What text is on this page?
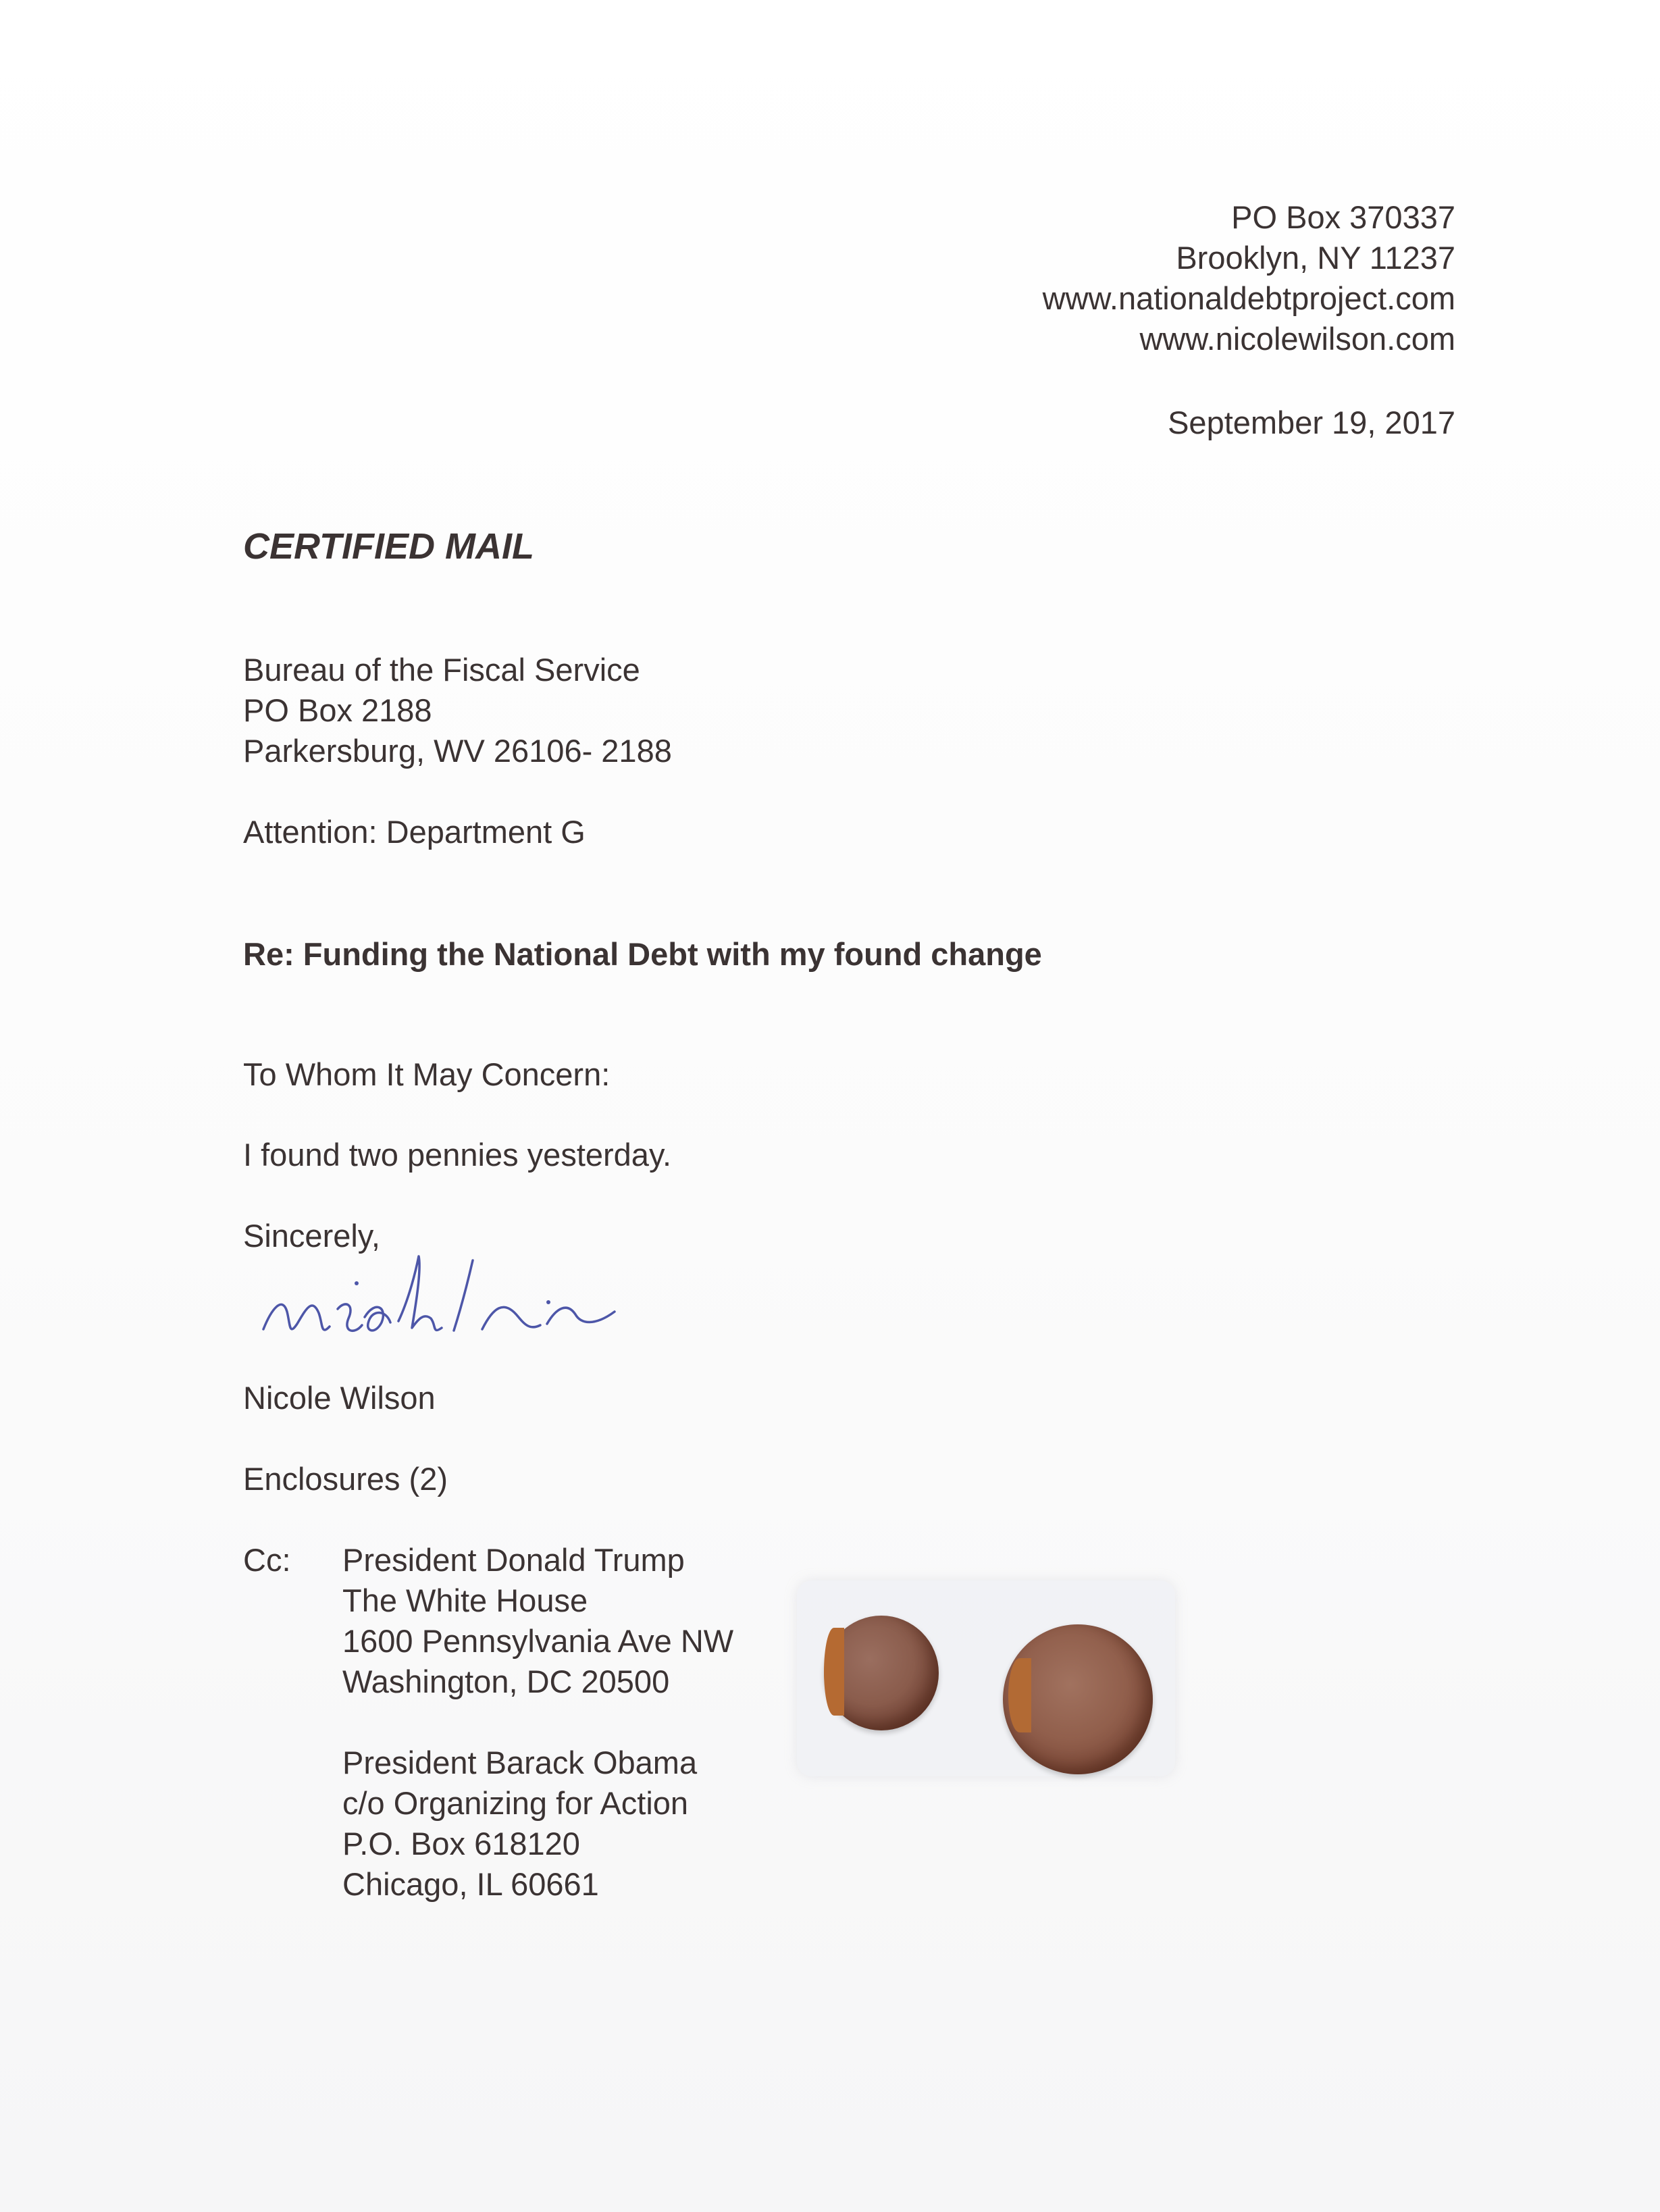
PO Box 370337
Brooklyn, NY 11237
www.nationaldebtproject.com
www.nicolewilson.com
September 19, 2017
CERTIFIED MAIL
Bureau of the Fiscal Service
PO Box 2188
Parkersburg, WV 26106- 2188
Attention: Department G
Re: Funding the National Debt with my found change
To Whom It May Concern:
I found two pennies yesterday.
Sincerely,
Nicole Wilson
Enclosures (2)
Cc: President Donald Trump
The White House
1600 Pennsylvania Ave NW
Washington, DC 20500
President Barack Obama
c/o Organizing for Action
P.O. Box 618120
Chicago, IL 60661
